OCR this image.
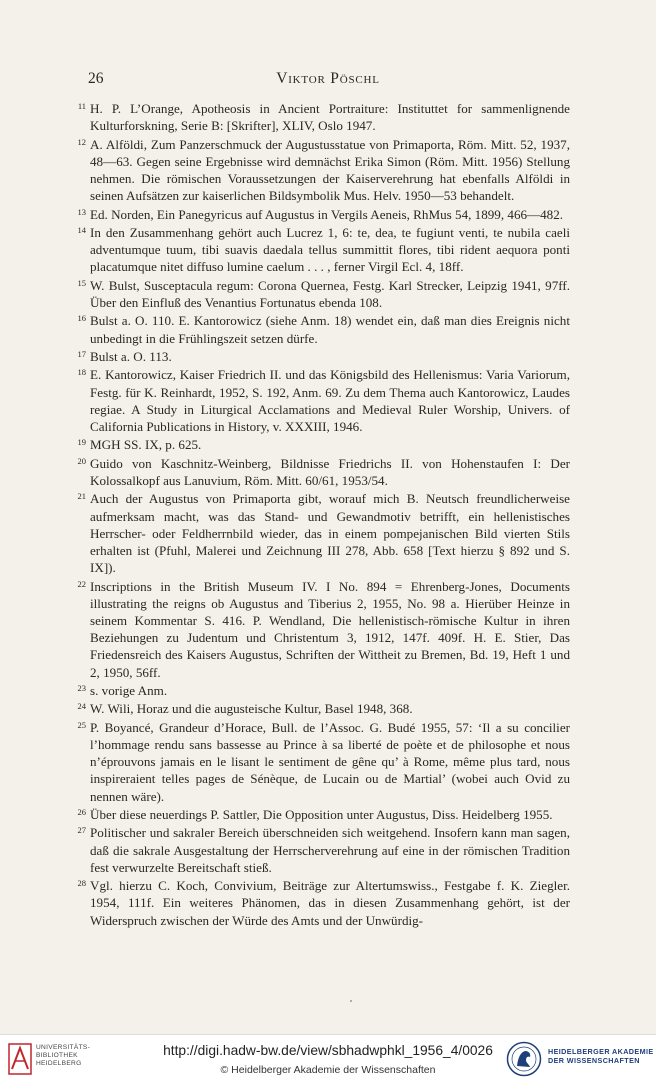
26	Viktor Pöschl
11 H. P. L’Orange, Apotheosis in Ancient Portraiture: Instituttet for sammenlignende Kulturforskning, Serie B: [Skrifter], XLIV, Oslo 1947.
12 A. Alföldi, Zum Panzerschmuck der Augustusstatue von Primaporta, Röm. Mitt. 52, 1937, 48—63. Gegen seine Ergebnisse wird demnächst Erika Simon (Röm. Mitt. 1956) Stellung nehmen. Die römischen Voraussetzungen der Kaiserverehrung hat ebenfalls Alföldi in seinen Aufsätzen zur kaiserlichen Bildsymbolik Mus. Helv. 1950—53 behandelt.
13 Ed. Norden, Ein Panegyricus auf Augustus in Vergils Aeneis, RhMus 54, 1899, 466—482.
14 In den Zusammenhang gehört auch Lucrez 1, 6: te, dea, te fugiunt venti, te nubila caeli adventumque tuum, tibi suavis daedala tellus summittit flores, tibi rident aequora ponti placatumque nitet diffuso lumine caelum . . . , ferner Virgil Ecl. 4, 18ff.
15 W. Bulst, Susceptacula regum: Corona Quernea, Festg. Karl Strecker, Leipzig 1941, 97ff. Über den Einfluß des Venantius Fortunatus ebenda 108.
16 Bulst a. O. 110. E. Kantorowicz (siehe Anm. 18) wendet ein, daß man dies Ereignis nicht unbedingt in die Frühlingszeit setzen dürfe.
17 Bulst a. O. 113.
18 E. Kantorowicz, Kaiser Friedrich II. und das Königsbild des Hellenismus: Varia Variorum, Festg. für K. Reinhardt, 1952, S. 192, Anm. 69. Zu dem Thema auch Kantorowicz, Laudes regiae. A Study in Liturgical Acclamations and Medieval Ruler Worship, Univers. of California Publications in History, v. XXXIII, 1946.
19 MGH SS. IX, p. 625.
20 Guido von Kaschnitz-Weinberg, Bildnisse Friedrichs II. von Hohenstaufen I: Der Kolossalkopf aus Lanuvium, Röm. Mitt. 60/61, 1953/54.
21 Auch der Augustus von Primaporta gibt, worauf mich B. Neutsch freundlicherweise aufmerksam macht, was das Stand- und Gewandmotiv betrifft, ein hellenistisches Herrscher- oder Feldherrnbild wieder, das in einem pompejanischen Bild vierten Stils erhalten ist (Pfuhl, Malerei und Zeichnung III 278, Abb. 658 [Text hierzu § 892 und S. IX]).
22 Inscriptions in the British Museum IV. I No. 894 = Ehrenberg-Jones, Documents illustrating the reigns ob Augustus and Tiberius 2, 1955, No. 98 a. Hierüber Heinze in seinem Kommentar S. 416. P. Wendland, Die hellenistisch-römische Kultur in ihren Beziehungen zu Judentum und Christentum 3, 1912, 147f. 409f. H. E. Stier, Das Friedensreich des Kaisers Augustus, Schriften der Wittheit zu Bremen, Bd. 19, Heft 1 und 2, 1950, 56ff.
23 s. vorige Anm.
24 W. Wili, Horaz und die augusteische Kultur, Basel 1948, 368.
25 P. Boyancé, Grandeur d’Horace, Bull. de l’Assoc. G. Budé 1955, 57: ‘Il a su concilier l’hommage rendu sans bassesse au Prince à sa liberté de poète et de philosophe et nous n’éprouvons jamais en le lisant le sentiment de gêne qu’ à Rome, même plus tard, nous inspireraient telles pages de Sénèque, de Lucain ou de Martial’ (wobei auch Ovid zu nennen wäre).
26 Über diese neuerdings P. Sattler, Die Opposition unter Augustus, Diss. Heidelberg 1955.
27 Politischer und sakraler Bereich überschneiden sich weitgehend. Insofern kann man sagen, daß die sakrale Ausgestaltung der Herrscherverehrung auf eine in der römischen Tradition fest verwurzelte Bereitschaft stieß.
28 Vgl. hierzu C. Koch, Convivium, Beiträge zur Altertumswiss., Festgabe f. K. Ziegler. 1954, 111f. Ein weiteres Phänomen, das in diesen Zusammenhang gehört, ist der Widerspruch zwischen der Würde des Amts und der Unwürdig-
UNIVERSITÄTS-
BIBLIOTHEK
HEIDELBERG
http://digi.hadw-bw.de/view/sbhadwphkl_1956_4/0026
© Heidelberger Akademie der Wissenschaften
HEIDELBERGER AKADEMIE
DER WISSENSCHAFTEN
